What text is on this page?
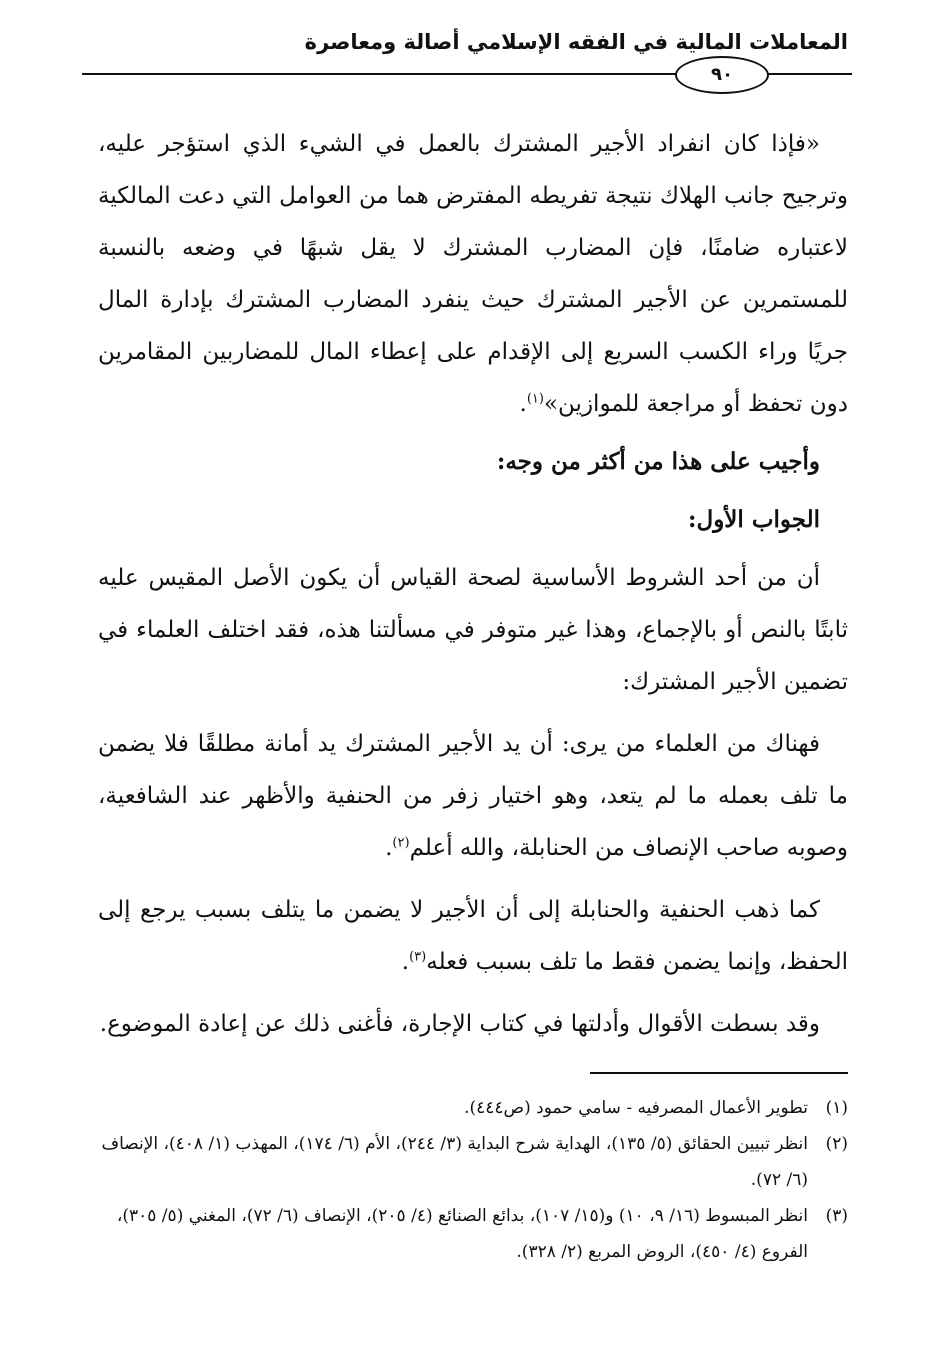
المعاملات المالية في الفقه الإسلامي أصالة ومعاصرة
٩٠

«فإذا كان انفراد الأجير المشترك بالعمل في الشيء الذي استؤجر عليه، وترجيح جانب الهلاك نتيجة تفريطه المفترض هما من العوامل التي دعت المالكية لاعتباره ضامنًا، فإن المضارب المشترك لا يقل شبهًا في وضعه بالنسبة للمستمرين عن الأجير المشترك حيث ينفرد المضارب المشترك بإدارة المال جريًا وراء الكسب السريع إلى الإقدام على إعطاء المال للمضاربين المقامرين دون تحفظ أو مراجعة للموازين»$^{(١)}$.

وأجيب على هذا من أكثر من وجه:

الجواب الأول:

أن من أحد الشروط الأساسية لصحة القياس أن يكون الأصل المقيس عليه ثابتًا بالنص أو بالإجماع، وهذا غير متوفر في مسألتنا هذه، فقد اختلف العلماء في تضمين الأجير المشترك:

فهناك من العلماء من يرى: أن يد الأجير المشترك يد أمانة مطلقًا فلا يضمن ما تلف بعمله ما لم يتعد، وهو اختيار زفر من الحنفية والأظهر عند الشافعية، وصوبه صاحب الإنصاف من الحنابلة، والله أعلم$^{(٢)}$.

كما ذهب الحنفية والحنابلة إلى أن الأجير لا يضمن ما يتلف بسبب يرجع إلى الحفظ، وإنما يضمن فقط ما تلف بسبب فعله$^{(٣)}$.

وقد بسطت الأقوال وأدلتها في كتاب الإجارة، فأغنى ذلك عن إعادة الموضوع.

(١)
تطوير الأعمال المصرفيه - سامي حمود (ص٤٤٤).
(٢)
انظر تبيين الحقائق (٥/ ١٣٥)، الهداية شرح البداية (٣/ ٢٤٤)، الأم (٦/ ١٧٤)، المهذب (١/ ٤٠٨)، الإنصاف (٦/ ٧٢).
(٣)
انظر المبسوط (١٦/ ٩، ١٠) و(١٥/ ١٠٧)، بدائع الصنائع (٤/ ٢٠٥)، الإنصاف (٦/ ٧٢)، المغني (٥/ ٣٠٥)، الفروع (٤/ ٤٥٠)، الروض المربع (٢/ ٣٢٨).
